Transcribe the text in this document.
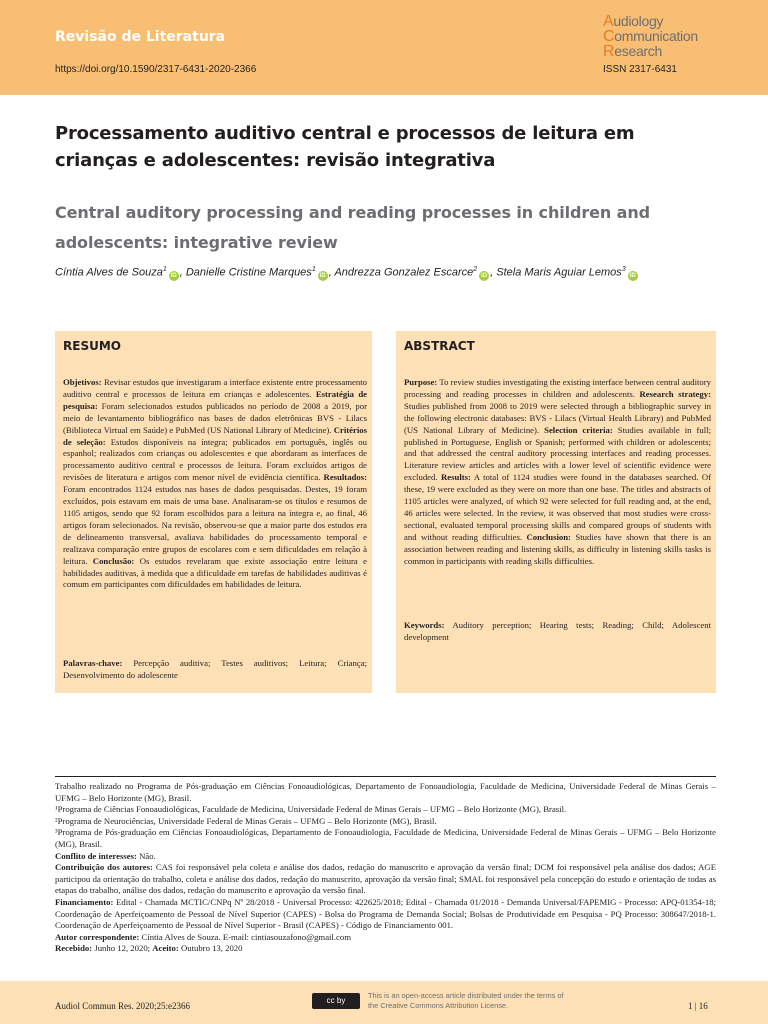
Revisão de Literatura
https://doi.org/10.1590/2317-6431-2020-2366
Audiology
Communication
Research
ISSN 2317-6431
Processamento auditivo central e processos de leitura em crianças e adolescentes: revisão integrativa
Central auditory processing and reading processes in children and adolescents: integrative review
Cíntia Alves de Souza$^1$iD , Danielle Cristine Marques$^1$iD , Andrezza Gonzalez Escarce$^2$iD , Stela Maris Aguiar Lemos$^3$iD
RESUMO
Objetivos: Revisar estudos que investigaram a interface existente entre processamento auditivo central e processos de leitura em crianças e adolescentes. Estratégia de pesquisa: Foram selecionados estudos publicados no período de 2008 a 2019, por meio de levantamento bibliográfico nas bases de dados eletrônicas BVS - Lilacs (Biblioteca Virtual em Saúde) e PubMed (US National Library of Medicine). Critérios de seleção: Estudos disponíveis na íntegra; publicados em português, inglês ou espanhol; realizados com crianças ou adolescentes e que abordaram as interfaces de processamento auditivo central e processos de leitura. Foram excluídos artigos de revisões de literatura e artigos com menor nível de evidência científica. Resultados: Foram encontrados 1124 estudos nas bases de dados pesquisadas. Destes, 19 foram excluídos, pois estavam em mais de uma base. Analisaram-se os títulos e resumos de 1105 artigos, sendo que 92 foram escolhidos para a leitura na íntegra e, ao final, 46 artigos foram selecionados. Na revisão, observou-se que a maior parte dos estudos era de delineamento transversal, avaliava habilidades do processamento temporal e realizava comparação entre grupos de escolares com e sem dificuldades em relação à leitura. Conclusão: Os estudos revelaram que existe associação entre leitura e habilidades auditivas, à medida que a dificuldade em tarefas de habilidades auditivas é comum em participantes com dificuldades em habilidades de leitura.
Palavras-chave: Percepção auditiva; Testes auditivos; Leitura; Criança; Desenvolvimento do adolescente
ABSTRACT
Purpose: To review studies investigating the existing interface between central auditory processing and reading processes in children and adolescents. Research strategy: Studies published from 2008 to 2019 were selected through a bibliographic survey in the following electronic databases: BVS - Lilacs (Virtual Health Library) and PubMed (US National Library of Medicine). Selection criteria: Studies available in full; published in Portuguese, English or Spanish; performed with children or adolescents; and that addressed the central auditory processing interfaces and reading processes. Literature review articles and articles with a lower level of scientific evidence were excluded. Results: A total of 1124 studies were found in the databases searched. Of these, 19 were excluded as they were on more than one base. The titles and abstracts of 1105 articles were analyzed, of which 92 were selected for full reading and, at the end, 46 articles were selected. In the review, it was observed that most studies were cross-sectional, evaluated temporal processing skills and compared groups of students with and without reading difficulties. Conclusion: Studies have shown that there is an association between reading and listening skills, as difficulty in listening skills tasks is common in participants with reading skills difficulties.
Keywords: Auditory perception; Hearing tests; Reading; Child; Adolescent development

Trabalho realizado no Programa de Pós-graduação em Ciências Fonoaudiológicas, Departamento de Fonoaudiologia, Faculdade de Medicina, Universidade Federal de Minas Gerais – UFMG – Belo Horizonte (MG), Brasil.

¹Programa de Ciências Fonoaudiológicas, Faculdade de Medicina, Universidade Federal de Minas Gerais – UFMG – Belo Horizonte (MG), Brasil.

²Programa de Neurociências, Universidade Federal de Minas Gerais – UFMG – Belo Horizonte (MG), Brasil.

³Programa de Pós-graduação em Ciências Fonoaudiológicas, Departamento de Fonoaudiologia, Faculdade de Medicina, Universidade Federal de Minas Gerais – UFMG – Belo Horizonte (MG), Brasil.

Conflito de interesses: Não.

Contribuição dos autores: CAS foi responsável pela coleta e análise dos dados, redação do manuscrito e aprovação da versão final; DCM foi responsável pela análise dos dados; AGE participou da orientação do trabalho, coleta e análise dos dados, redação do manuscrito, aprovação da versão final; SMAL foi responsável pela concepção do estudo e orientação de todas as etapas do trabalho, análise dos dados, redação do manuscrito e aprovação da versão final.

Financiamento: Edital - Chamada MCTIC/CNPq Nº 28/2018 - Universal Processo: 422625/2018; Edital - Chamada 01/2018 - Demanda Universal/FAPEMIG - Processo: APQ-01354-18; Coordenação de Aperfeiçoamento de Pessoal de Nível Superior (CAPES) - Bolsa do Programa de Demanda Social; Bolsas de Produtividade em Pesquisa - PQ Processo: 308647/2018-1. Coordenação de Aperfeiçoamento de Pessoal de Nível Superior - Brasil (CAPES) - Código de Financiamento 001.

Autor correspondente: Cíntia Alves de Souza. E-mail: cintiasouzafono@gmail.com

Recebido: Junho 12, 2020; Aceito: Outubro 13, 2020

Audiol Commun Res. 2020;25:e2366
cc by
This is an open-access article distributed under the terms of the Creative Commons Attribution License.	1 | 16
